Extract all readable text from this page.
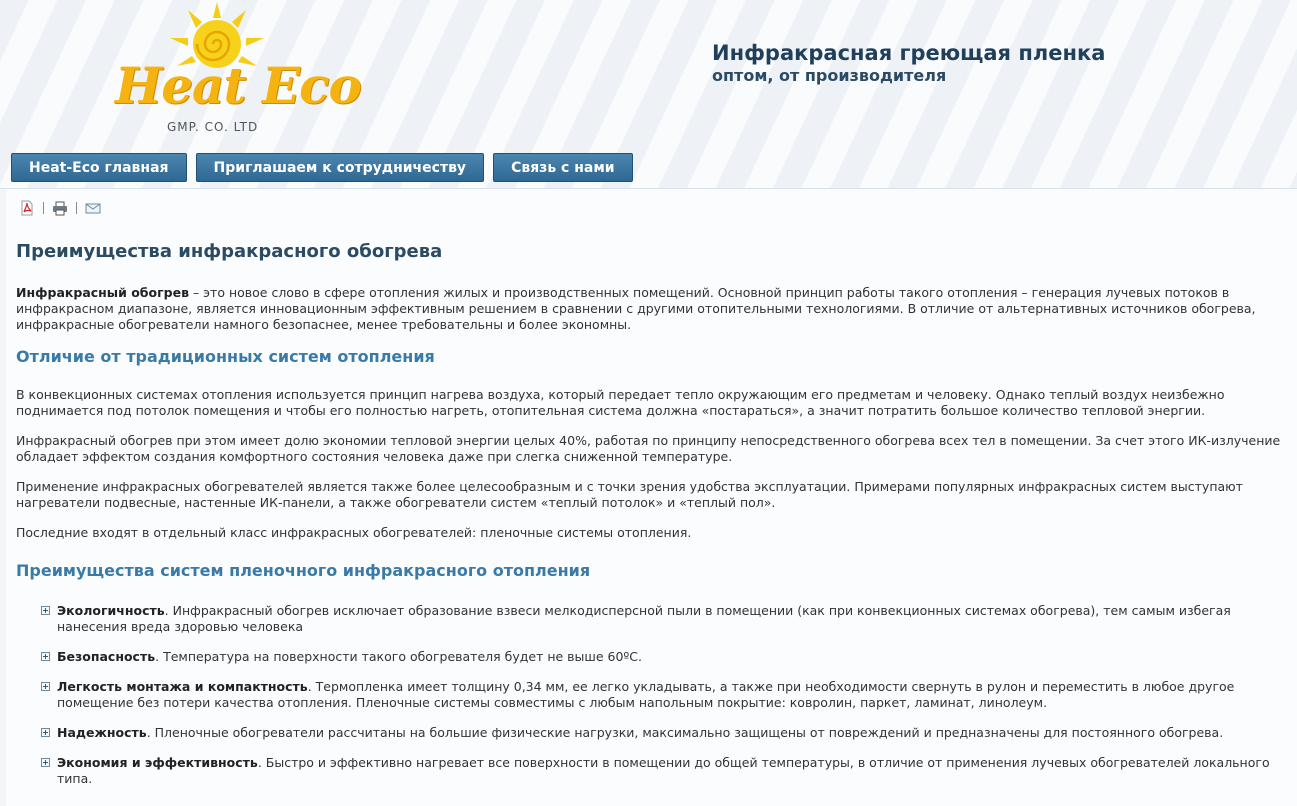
Heat Eco
GMP. CO. LTD
Инфракрасная греющая пленка
оптом, от производителя
Heat-Eco главная	Приглашаем к сотрудничеству	Связь с нами
Преимущества инфракрасного обогрева

Инфракрасный обогрев – это новое слово в сфере отопления жилых и производственных помещений. Основной принцип работы такого отопления – генерация лучевых потоков в инфракрасном диапазоне, является инновационным эффективным решением в сравнении с другими отопительными технологиями. В отличие от альтернативных источников обогрева, инфракрасные обогреватели намного безопаснее, менее требовательны и более экономны.

Отличие от традиционных систем отопления

В конвекционных системах отопления используется принцип нагрева воздуха, который передает тепло окружающим его предметам и человеку. Однако теплый воздух неизбежно поднимается под потолок помещения и чтобы его полностью нагреть, отопительная система должна «постараться», а значит потратить большое количество тепловой энергии.

Инфракрасный обогрев при этом имеет долю экономии тепловой энергии целых 40%, работая по принципу непосредственного обогрева всех тел в помещении. За счет этого ИК-излучение обладает эффектом создания комфортного состояния человека даже при слегка сниженной температуре.

Применение инфракрасных обогревателей является также более целесообразным и с точки зрения удобства эксплуатации. Примерами популярных инфракрасных систем выступают нагреватели подвесные, настенные ИК-панели, а также обогреватели систем «теплый потолок» и «теплый пол».

Последние входят в отдельный класс инфракрасных обогревателей: пленочные системы отопления.

Преимущества систем пленочного инфракрасного отопления
Экологичность. Инфракрасный обогрев исключает образование взвеси мелкодисперсной пыли в помещении (как при конвекционных системах обогрева), тем самым избегая нанесения вреда здоровью человека
Безопасность. Температура на поверхности такого обогревателя будет не выше 60ºС.
Легкость монтажа и компактность. Термопленка имеет толщину 0,34 мм, ее легко укладывать, а также при необходимости свернуть в рулон и переместить в любое другое помещение без потери качества отопления. Пленочные системы совместимы с любым напольным покрытие: ковролин, паркет, ламинат, линолеум.
Надежность. Пленочные обогреватели рассчитаны на большие физические нагрузки, максимально защищены от повреждений и предназначены для постоянного обогрева.
Экономия и эффективность. Быстро и эффективно нагревает все поверхности в помещении до общей температуры, в отличие от применения лучевых обогревателей локального типа.
